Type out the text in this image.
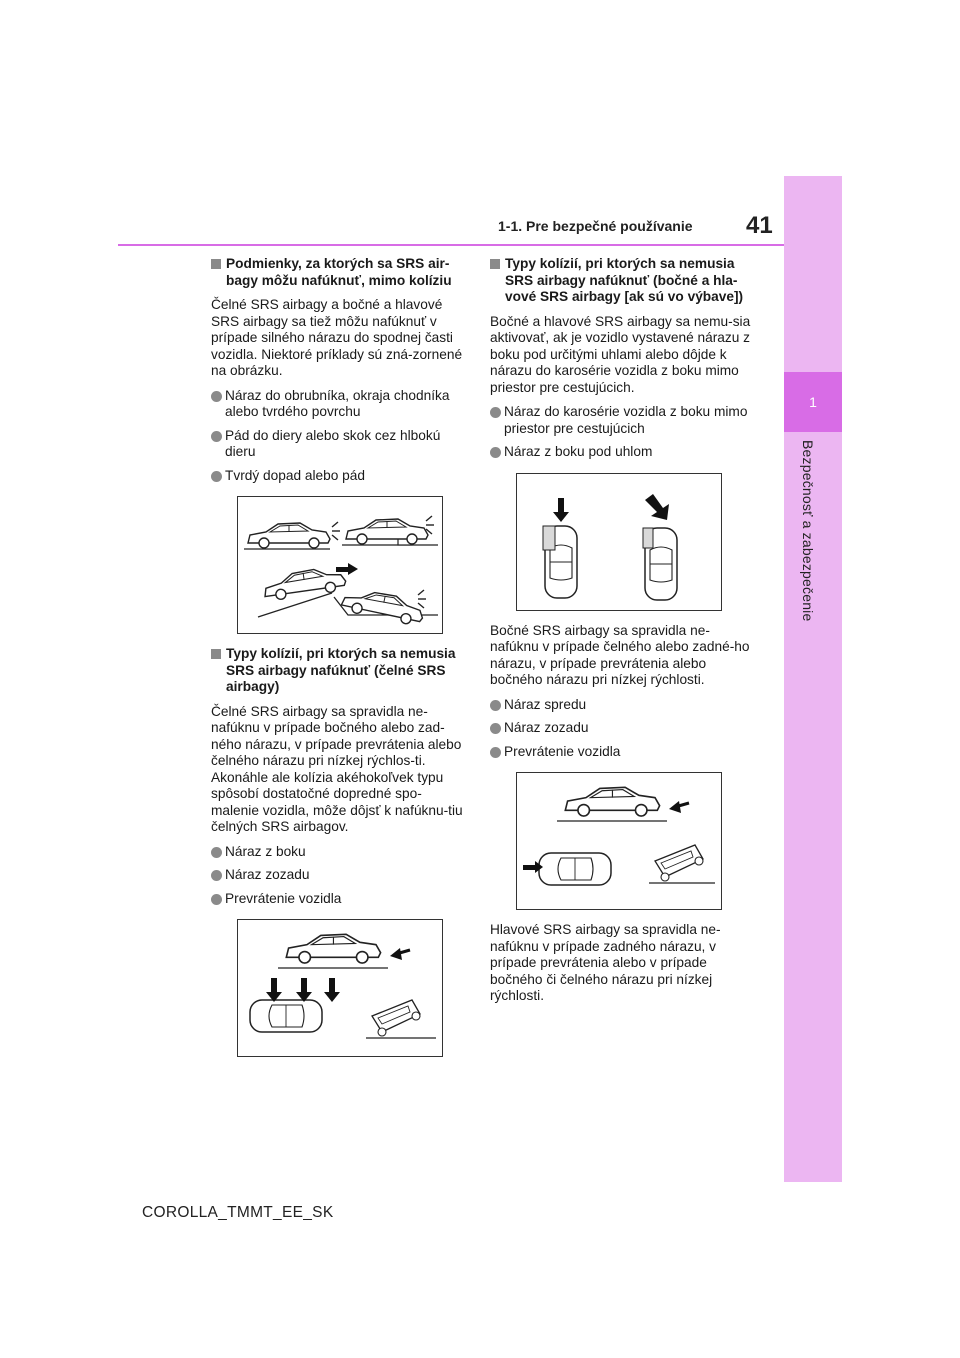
1
Bezpečnosť a zabezpečenie
1-1. Pre bezpečné používanie 41
Podmienky, za ktorých sa SRS air-bagy môžu nafúknuť, mimo kolíziu
Čelné SRS airbagy a bočné a hlavové SRS airbagy sa tiež môžu nafúknuť v prípade silného nárazu do spodnej časti vozidla. Niektoré príklady sú zná-zornené na obrázku.
Náraz do obrubníka, okraja chodníka alebo tvrdého povrchu
Pád do diery alebo skok cez hlbokú dieru
Tvrdý dopad alebo pád
Typy kolízií, pri ktorých sa nemusia SRS airbagy nafúknuť (čelné SRS airbagy)
Čelné SRS airbagy sa spravidla ne-nafúknu v prípade bočného alebo zad-ného nárazu, v prípade prevrátenia alebo čelného nárazu pri nízkej rýchlos-ti. Akonáhle ale kolízia akéhokoľvek typu spôsobí dostatočné dopredné spo-malenie vozidla, môže dôjsť k nafúknu-tiu čelných SRS airbagov.
Náraz z boku
Náraz zozadu
Prevrátenie vozidla
Typy kolízií, pri ktorých sa nemusia SRS airbagy nafúknuť (bočné a hla-vové SRS airbagy [ak sú vo výbave])
Bočné a hlavové SRS airbagy sa nemu-sia aktivovať, ak je vozidlo vystavené nárazu z boku pod určitými uhlami alebo dôjde k nárazu do karosérie vozidla z boku mimo priestor pre cestujúcich.
Náraz do karosérie vozidla z boku mimo priestor pre cestujúcich
Náraz z boku pod uhlom
Bočné SRS airbagy sa spravidla ne-nafúknu v prípade čelného alebo zadné-ho nárazu, v prípade prevrátenia alebo bočného nárazu pri nízkej rýchlosti.
Náraz spredu
Náraz zozadu
Prevrátenie vozidla
Hlavové SRS airbagy sa spravidla ne-nafúknu v prípade zadného nárazu, v prípade prevrátenia alebo v prípade bočného či čelného nárazu pri nízkej rýchlosti.
COROLLA_TMMT_EE_SK
